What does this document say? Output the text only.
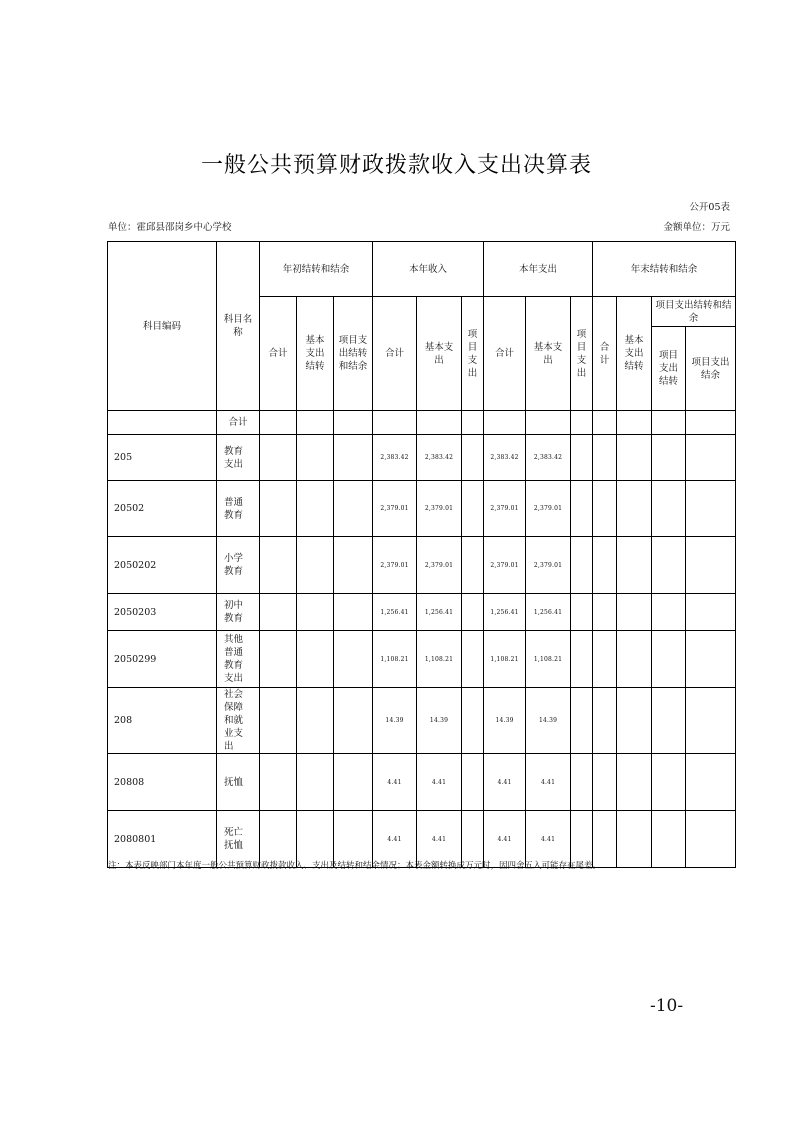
一般公共预算财政拨款收入支出决算表
公开05表
单位：霍邱县邵岗乡中心学校	金额单位：万元
科目编码	科目名称	年初结转和结余			本年收入			本年支出			年末结转和结余			
		合计	基本支出结转	项目支出结转和结余	合计	基本支出	项目支出	合计	基本支出	项目支出	合计	基本支出结转	项目支出结转和结余	
													项目支出结转	项目支出结余
	合计													
205	教育支出				2,383.42	2,383.42		2,383.42	2,383.42					
20502	普通教育				2,379.01	2,379.01		2,379.01	2,379.01					
2050202	小学教育				2,379.01	2,379.01		2,379.01	2,379.01					
2050203	初中教育				1,256.41	1,256.41		1,256.41	1,256.41					
2050299	其他普通教育支出				1,108.21	1,108.21		1,108.21	1,108.21					
208	社会保障和就业支出				14.39	14.39		14.39	14.39					
20808	抚恤				4.41	4.41		4.41	4.41					
2080801	死亡抚恤				4.41	4.41		4.41	4.41					
注：本表反映部门本年度一般公共预算财政拨款收入、支出及结转和结余情况；本表金额转换成万元时，因四舍五入可能存在尾差。
-10-
